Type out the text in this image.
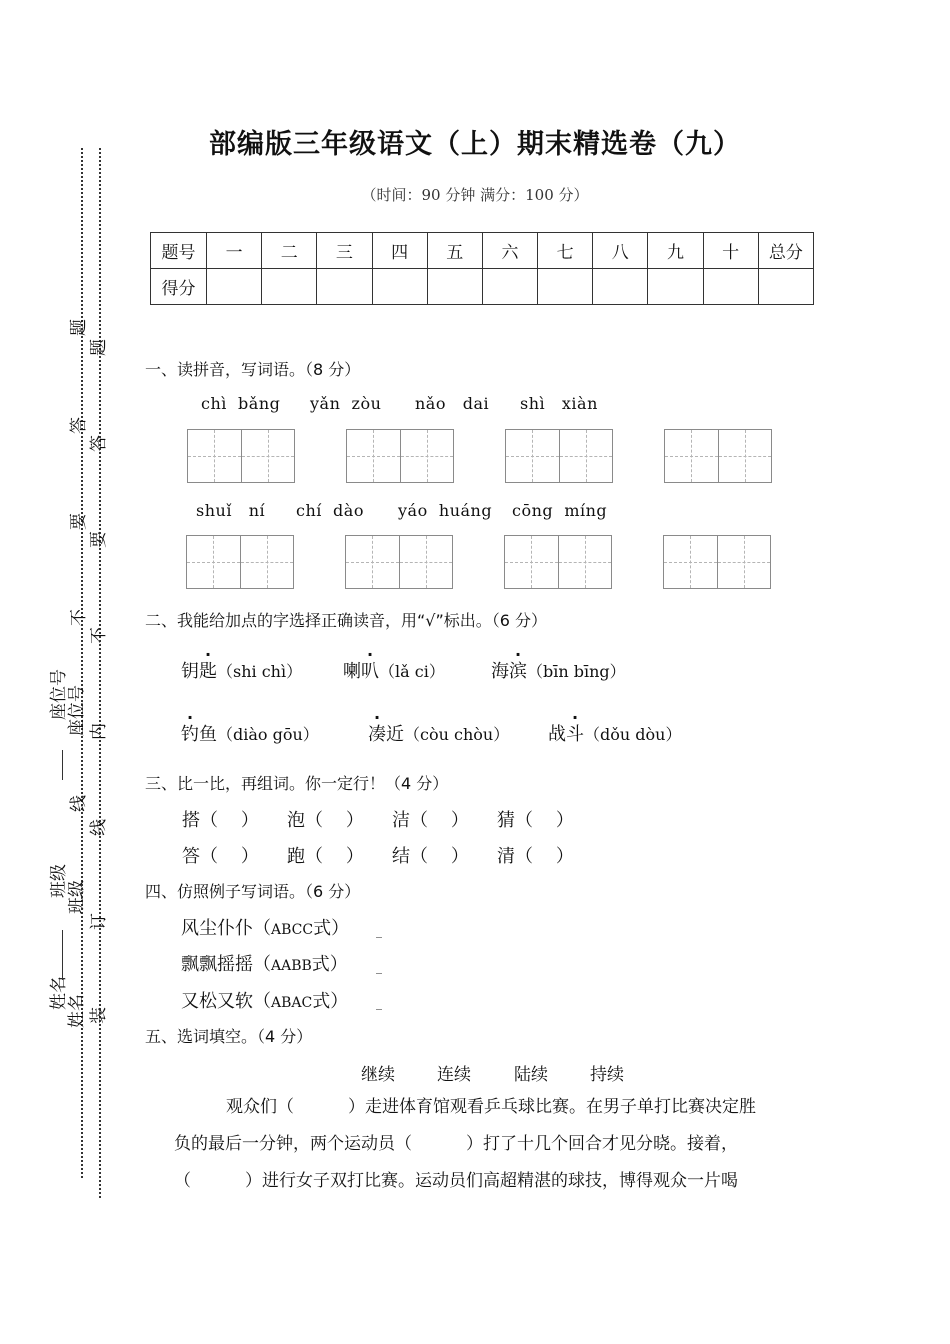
题
答
要
不
座位号
线
班级
姓名
题
答
要
不
内
线
订
装
座位号
班级
姓名
部编版三年级语文（上）期末精选卷（九）
（时间：90 分钟 满分：100 分）
题号	一	二	三	四	五	六	七	八	九	十	总分
得分											
一、读拼音，写词语。（8 分）
chì  bǎng yǎn  zòu nǎo   dai shì   xiàn
shuǐ   ní chí  dào yáo  huáng cōng  míng
二、我能给加点的字选择正确读音，用“√”标出。（6 分）
钥匙（shi chì） 喇叭（lǎ ci）	海滨（bīn bīng）
钓鱼（diào gōu）	凑近（còu chòu） 战斗（dǒu dòu）
三、比一比，再组词。你一定行！（4 分）
搭（    ） 泡（    ） 洁（    ） 猜（    ）
答（    ） 跑（    ） 结（    ） 清（    ）
四、仿照例子写词语。（6 分）
风尘仆仆（ABCC式） _
飘飘摇摇（AABB式） _
又松又软（ABAC式） _
五、选词填空。（4 分）
继续 连续	陆续 持续
观众们（          ）走进体育馆观看乒乓球比赛。在男子单打比赛决定胜
负的最后一分钟，两个运动员（          ）打了十几个回合才见分晓。接着，
（          ）进行女子双打比赛。运动员们高超精湛的球技，博得观众一片喝
